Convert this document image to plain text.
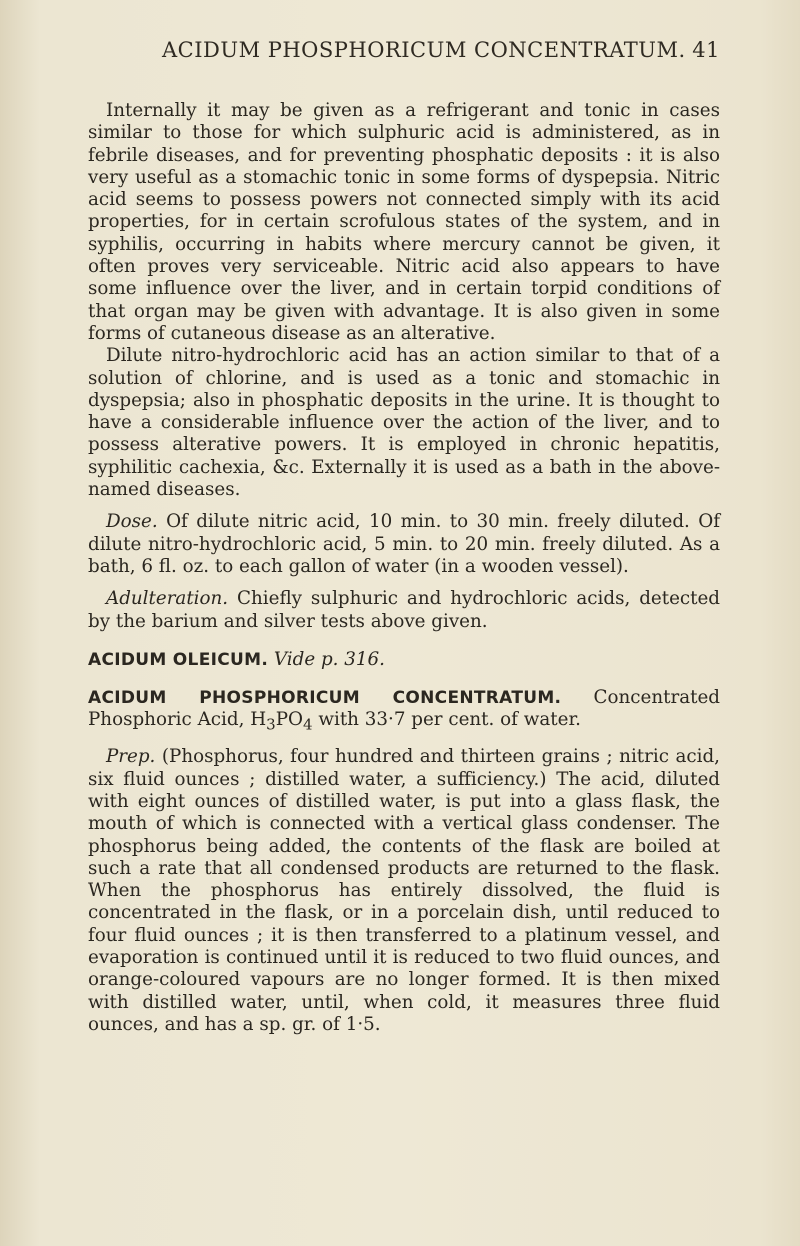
ACIDUM PHOSPHORICUM CONCENTRATUM. 41

Internally it may be given as a refrigerant and tonic in cases similar to those for which sulphuric acid is administered, as in febrile diseases, and for preventing phosphatic deposits : it is also very useful as a stomachic tonic in some forms of dyspepsia. Nitric acid seems to possess powers not connected simply with its acid properties, for in certain scrofulous states of the system, and in syphilis, occurring in habits where mercury cannot be given, it often proves very serviceable. Nitric acid also appears to have some influence over the liver, and in certain torpid conditions of that organ may be given with advantage. It is also given in some forms of cutaneous disease as an alterative.

Dilute nitro-hydrochloric acid has an action similar to that of a solution of chlorine, and is used as a tonic and stomachic in dyspepsia; also in phosphatic deposits in the urine. It is thought to have a considerable influence over the action of the liver, and to possess alterative powers. It is employed in chronic hepatitis, syphilitic cachexia, &c. Externally it is used as a bath in the above-named diseases.

Dose. Of dilute nitric acid, 10 min. to 30 min. freely diluted. Of dilute nitro-hydrochloric acid, 5 min. to 20 min. freely diluted. As a bath, 6 fl. oz. to each gallon of water (in a wooden vessel).

Adulteration. Chiefly sulphuric and hydrochloric acids, detected by the barium and silver tests above given.

ACIDUM OLEICUM. Vide p. 316.

ACIDUM PHOSPHORICUM CONCENTRATUM. Concentrated Phosphoric Acid, $H_3PO_4$ with 33·7 per cent. of water.

Prep. (Phosphorus, four hundred and thirteen grains ; nitric acid, six fluid ounces ; distilled water, a sufficiency.) The acid, diluted with eight ounces of distilled water, is put into a glass flask, the mouth of which is connected with a vertical glass condenser. The phosphorus being added, the contents of the flask are boiled at such a rate that all condensed products are returned to the flask. When the phosphorus has entirely dissolved, the fluid is concentrated in the flask, or in a porcelain dish, until reduced to four fluid ounces ; it is then transferred to a platinum vessel, and evaporation is continued until it is reduced to two fluid ounces, and orange-coloured vapours are no longer formed. It is then mixed with distilled water, until, when cold, it measures three fluid ounces, and has a sp. gr. of 1·5.
